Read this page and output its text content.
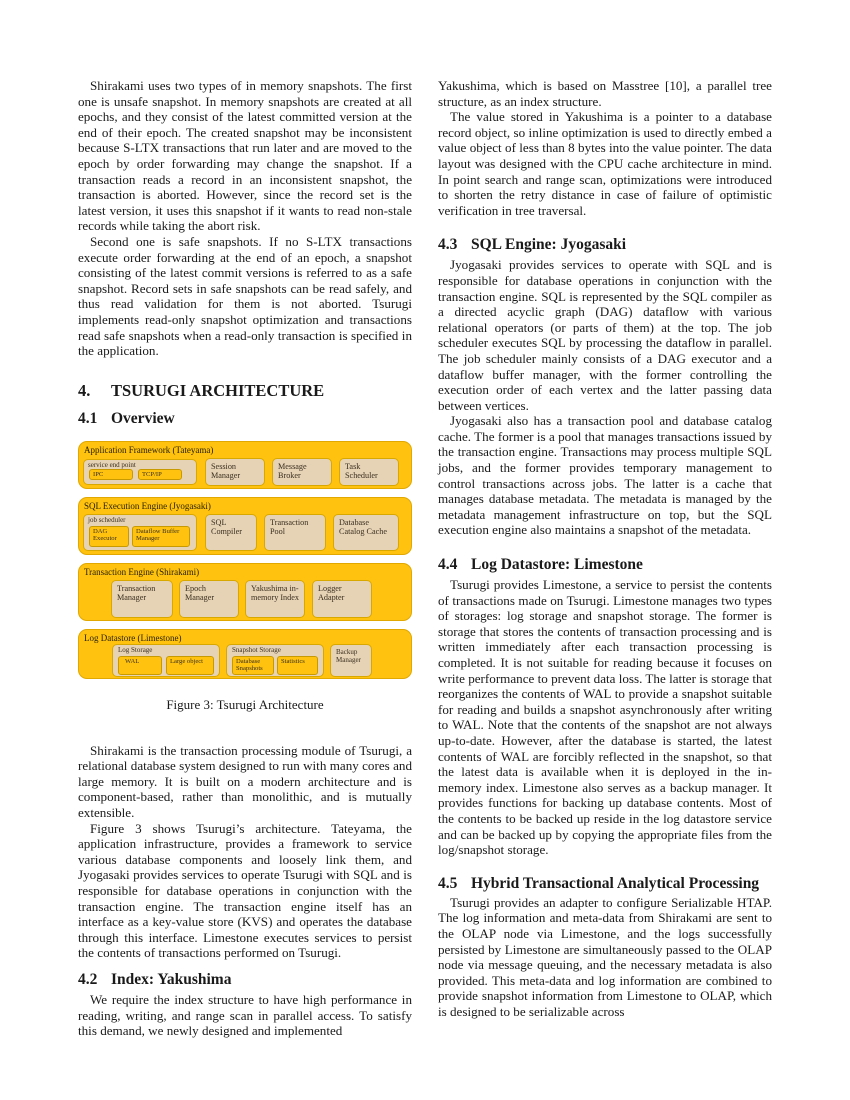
Shirakami uses two types of in memory snapshots. The first one is unsafe snapshot. In memory snapshots are created at all epochs, and they consist of the latest committed version at the end of their epoch. The created snapshot may be inconsistent because S-LTX transactions that run later and are moved to the epoch by order forwarding may change the snapshot. If a transaction reads a record in an inconsistent snapshot, the transaction is aborted. However, since the record set is the latest version, it uses this snapshot if it wants to read non-stale records while taking the abort risk.

Second one is safe snapshots. If no S-LTX transactions execute order forwarding at the end of an epoch, a snapshot consisting of the latest commit versions is referred to as a safe snapshot. Record sets in safe snapshots can be read safely, and thus read validation for them is not aborted. Tsurugi implements read-only snapshot optimization and transactions read safe snapshots when a read-only transaction is specified in the application.

4. TSURUGI ARCHITECTURE
4.1 Overview
Application Framework (Tateyama)
service end point
IPC	TCP/IP
Session Manager
Message Broker
Task Scheduler
SQL Execution Engine (Jyogasaki)
job scheduler
DAG Executor
Dataflow Buffer Manager
SQL Compiler
Transaction Pool
Database Catalog Cache
Transaction Engine (Shirakami)
Transaction Manager
Epoch Manager
Yakushima in-memory Index
Logger Adapter
Log Datastore (Limestone)
Log Storage
WAL	Large object
Snapshot Storage
Database Snapshots
Statistics
Backup Manager
Figure 3: Tsurugi Architecture

Shirakami is the transaction processing module of Tsurugi, a relational database system designed to run with many cores and large memory. It is built on a modern architecture and is component-based, rather than monolithic, and is mutually extensible.

Figure 3 shows Tsurugi’s architecture. Tateyama, the application infrastructure, provides a framework to service various database components and loosely link them, and Jyogasaki provides services to operate Tsurugi with SQL and is responsible for database operations in conjunction with the transaction engine. The transaction engine itself has an interface as a key-value store (KVS) and operates the database through this interface. Limestone executes services to persist the contents of transactions performed on Tsurugi.

4.2 Index: Yakushima

We require the index structure to have high performance in reading, writing, and range scan in parallel access. To satisfy this demand, we newly designed and implemented

Yakushima, which is based on Masstree [10], a parallel tree structure, as an index structure.

The value stored in Yakushima is a pointer to a database record object, so inline optimization is used to directly embed a value object of less than 8 bytes into the value pointer. The data layout was designed with the CPU cache architecture in mind. In point search and range scan, optimizations were introduced to shorten the retry distance in case of failure of optimistic verification in tree traversal.

4.3 SQL Engine: Jyogasaki

Jyogasaki provides services to operate with SQL and is responsible for database operations in conjunction with the transaction engine. SQL is represented by the SQL compiler as a directed acyclic graph (DAG) dataflow with various relational operators (or parts of them) at the top. The job scheduler executes SQL by processing the dataflow in parallel. The job scheduler mainly consists of a DAG executor and a dataflow buffer manager, with the former controlling the execution order of each vertex and the latter passing data between vertices.

Jyogasaki also has a transaction pool and database catalog cache. The former is a pool that manages transactions issued by the transaction engine. Transactions may process multiple SQL jobs, and the former provides temporary management to control transactions across jobs. The latter is a cache that manages database metadata. The metadata is managed by the metadata management infrastructure on top, but the SQL execution engine also maintains a snapshot of the metadata.

4.4 Log Datastore: Limestone

Tsurugi provides Limestone, a service to persist the contents of transactions made on Tsurugi. Limestone manages two types of storages: log storage and snapshot storage. The former is storage that stores the contents of transaction processing and is written immediately after each transaction processing is completed. It is not suitable for reading because it focuses on write performance to prevent data loss. The latter is storage that reorganizes the contents of WAL to provide a snapshot suitable for reading and builds a snapshot asynchronously after writing to WAL. Note that the contents of the snapshot are not always up-to-date. However, after the database is started, the latest contents of WAL are forcibly reflected in the snapshot, so that the latest data is available when it is deployed in the in-memory index. Limestone also serves as a backup manager. It provides functions for backing up database contents. Most of the contents to be backed up reside in the log datastore service and can be backed up by copying the appropriate files from the log/snapshot storage.

4.5 Hybrid Transactional Analytical Processing

Tsurugi provides an adapter to configure Serializable HTAP. The log information and meta-data from Shirakami are sent to the OLAP node via Limestone, and the logs successfully persisted by Limestone are simultaneously passed to the OLAP node via message queuing, and the necessary metadata is also provided. This meta-data and log information are combined to provide snapshot information from Limestone to OLAP, which is designed to be serializable across
